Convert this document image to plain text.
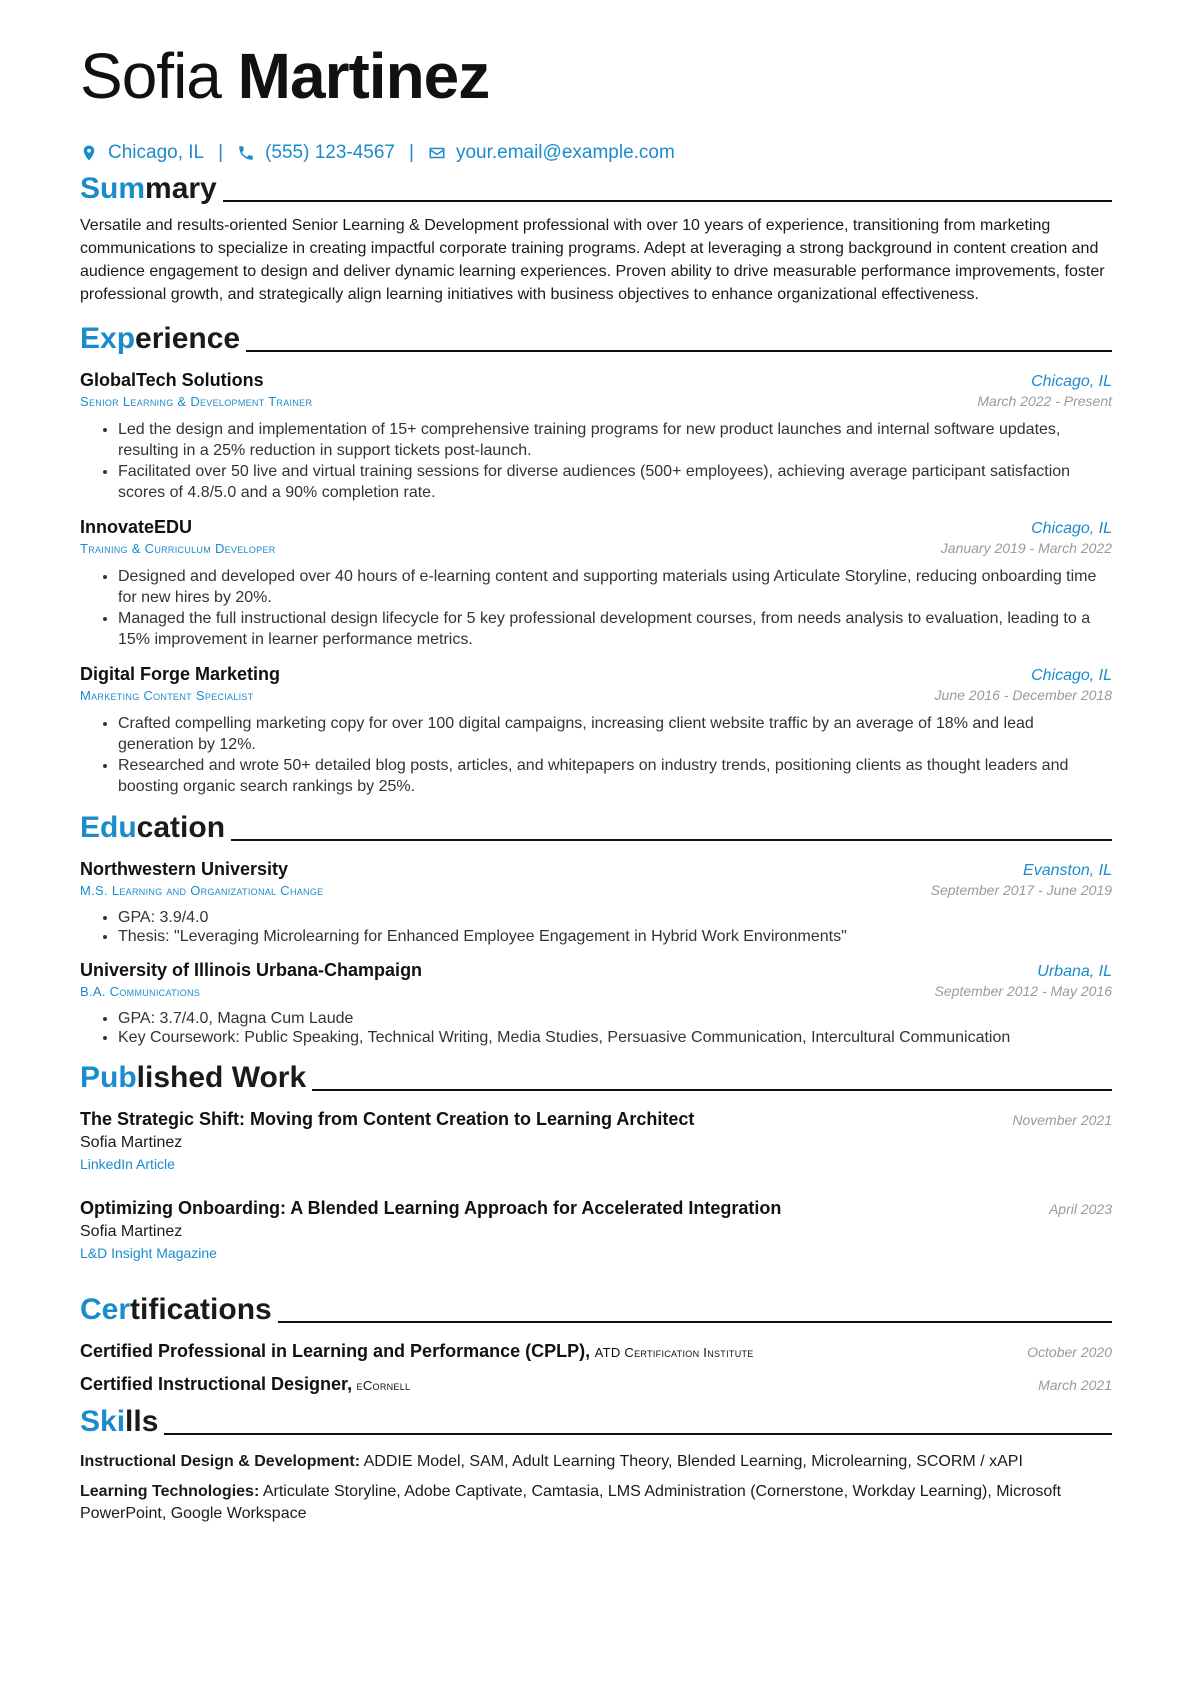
Sofia Martinez
Chicago, IL | (555) 123-4567 | your.email@example.com
Summary

Versatile and results-oriented Senior Learning & Development professional with over 10 years of experience, transitioning from marketing communications to specialize in creating impactful corporate training programs. Adept at leveraging a strong background in content creation and audience engagement to design and deliver dynamic learning experiences. Proven ability to drive measurable performance improvements, foster professional growth, and strategically align learning initiatives with business objectives to enhance organizational effectiveness.

Experience
GlobalTech Solutions	Chicago, IL
Senior Learning & Development Trainer	March 2022 - Present
• Led the design and implementation of 15+ comprehensive training programs for new product launches and internal software updates, resulting in a 25% reduction in support tickets post-launch.
• Facilitated over 50 live and virtual training sessions for diverse audiences (500+ employees), achieving average participant satisfaction scores of 4.8/5.0 and a 90% completion rate.
InnovateEDU	Chicago, IL
Training & Curriculum Developer	January 2019 - March 2022
• Designed and developed over 40 hours of e-learning content and supporting materials using Articulate Storyline, reducing onboarding time for new hires by 20%.
• Managed the full instructional design lifecycle for 5 key professional development courses, from needs analysis to evaluation, leading to a 15% improvement in learner performance metrics.
Digital Forge Marketing	Chicago, IL
Marketing Content Specialist	June 2016 - December 2018
• Crafted compelling marketing copy for over 100 digital campaigns, increasing client website traffic by an average of 18% and lead generation by 12%.
• Researched and wrote 50+ detailed blog posts, articles, and whitepapers on industry trends, positioning clients as thought leaders and boosting organic search rankings by 25%.
Education
Northwestern University	Evanston, IL
M.S. Learning and Organizational Change	September 2017 - June 2019
• GPA: 3.9/4.0
• Thesis: "Leveraging Microlearning for Enhanced Employee Engagement in Hybrid Work Environments"
University of Illinois Urbana-Champaign	Urbana, IL
B.A. Communications	September 2012 - May 2016
• GPA: 3.7/4.0, Magna Cum Laude
• Key Coursework: Public Speaking, Technical Writing, Media Studies, Persuasive Communication, Intercultural Communication
Published Work
The Strategic Shift: Moving from Content Creation to Learning Architect	November 2021
Sofia Martinez
LinkedIn Article
Optimizing Onboarding: A Blended Learning Approach for Accelerated Integration	April 2023
Sofia Martinez
L&D Insight Magazine
Certifications
Certified Professional in Learning and Performance (CPLP), ATD Certification Institute	October 2020
Certified Instructional Designer, eCornell	March 2021
Skills
Instructional Design & Development: ADDIE Model, SAM, Adult Learning Theory, Blended Learning, Microlearning, SCORM / xAPI
Learning Technologies: Articulate Storyline, Adobe Captivate, Camtasia, LMS Administration (Cornerstone, Workday Learning), Microsoft PowerPoint, Google Workspace
